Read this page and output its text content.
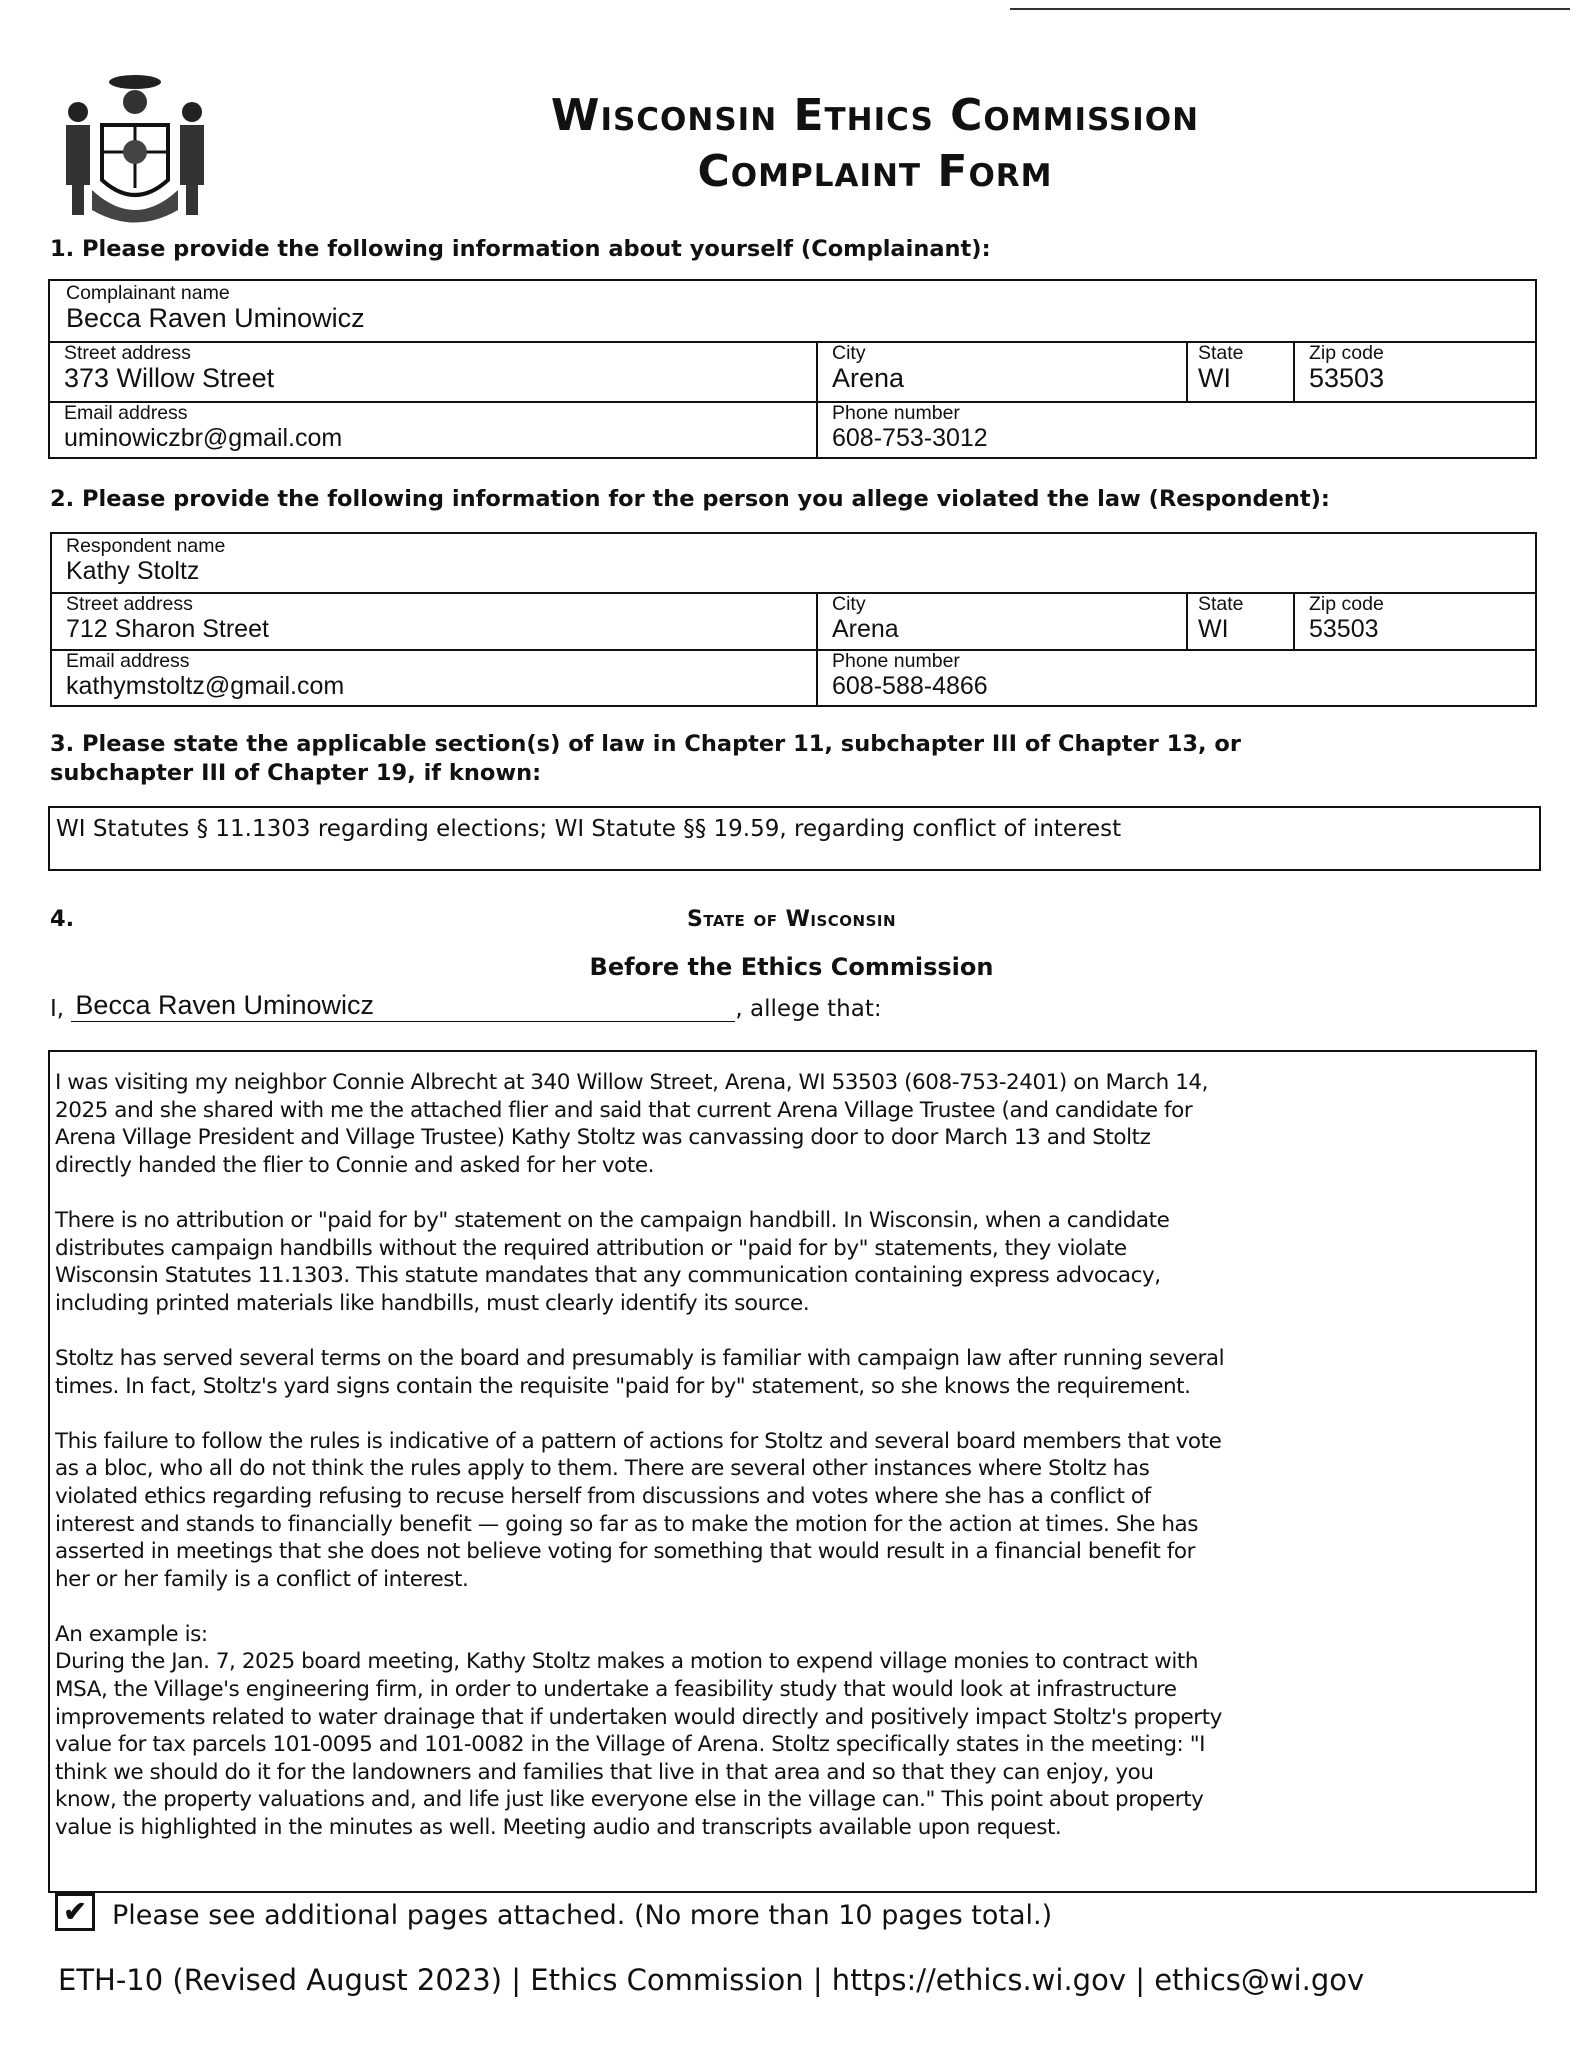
Wisconsin Ethics Commission
Complaint Form
1. Please provide the following information about yourself (Complainant):
Complainant name
Becca Raven Uminowicz
Street address
373 Willow Street
City
Arena
State
WI
Zip code
53503
Email address
uminowiczbr@gmail.com
Phone number
608-753-3012
2. Please provide the following information for the person you allege violated the law (Respondent):
Respondent name
Kathy Stoltz
Street address
712 Sharon Street
City
Arena
State
WI
Zip code
53503
Email address
kathymstoltz@gmail.com
Phone number
608-588-4866
3. Please state the applicable section(s) of law in Chapter 11, subchapter III of Chapter 13, or
subchapter III of Chapter 19, if known:
WI Statutes § 11.1303 regarding elections; WI Statute §§ 19.59, regarding conflict of interest
4.	State of Wisconsin
Before the Ethics Commission
I, Becca Raven Uminowicz	, allege that:
I was visiting my neighbor Connie Albrecht at 340 Willow Street, Arena, WI 53503 (608-753-2401) on March 14,
2025 and she shared with me the attached flier and said that current Arena Village Trustee (and candidate for
Arena Village President and Village Trustee) Kathy Stoltz was canvassing door to door March 13 and Stoltz
directly handed the flier to Connie and asked for her vote.
There is no attribution or "paid for by" statement on the campaign handbill. In Wisconsin, when a candidate
distributes campaign handbills without the required attribution or "paid for by" statements, they violate
Wisconsin Statutes 11.1303. This statute mandates that any communication containing express advocacy,
including printed materials like handbills, must clearly identify its source.
Stoltz has served several terms on the board and presumably is familiar with campaign law after running several
times. In fact, Stoltz's yard signs contain the requisite "paid for by" statement, so she knows the requirement.
This failure to follow the rules is indicative of a pattern of actions for Stoltz and several board members that vote
as a bloc, who all do not think the rules apply to them. There are several other instances where Stoltz has
violated ethics regarding refusing to recuse herself from discussions and votes where she has a conflict of
interest and stands to financially benefit — going so far as to make the motion for the action at times. She has
asserted in meetings that she does not believe voting for something that would result in a financial benefit for
her or her family is a conflict of interest.
An example is:
During the Jan. 7, 2025 board meeting, Kathy Stoltz makes a motion to expend village monies to contract with
MSA, the Village's engineering firm, in order to undertake a feasibility study that would look at infrastructure
improvements related to water drainage that if undertaken would directly and positively impact Stoltz's property
value for tax parcels 101-0095 and 101-0082 in the Village of Arena. Stoltz specifically states in the meeting: "I
think we should do it for the landowners and families that live in that area and so that they can enjoy, you
know, the property valuations and, and life just like everyone else in the village can." This point about property
value is highlighted in the minutes as well. Meeting audio and transcripts available upon request.
✔ Please see additional pages attached. (No more than 10 pages total.)
ETH-10 (Revised August 2023) | Ethics Commission | https://ethics.wi.gov | ethics@wi.gov
